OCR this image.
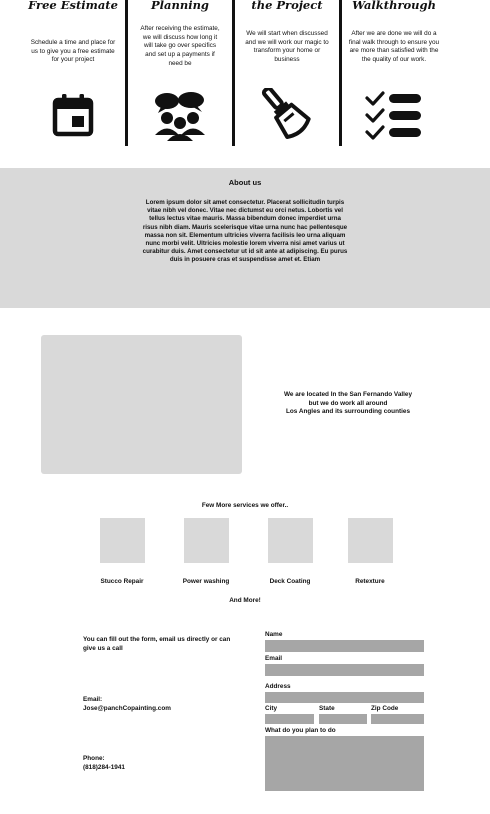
Free Estimate
Schedule a time and place for us to give you a free estimate for your project
Planning
After receiving the estimate, we will discuss how long it will take go over specifics and set up a payments if need be
the Project
We will start when discussed and we will work our magic to transform your home or business
Walkthrough
After we are done we will do a final walk through to ensure you are more than satisfied with the the quality of our work.
About us
Lorem ipsum dolor sit amet consectetur. Placerat sollicitudin turpis vitae nibh vel donec. Vitae nec dictumst eu orci netus. Lobortis vel tellus lectus vitae mauris. Massa bibendum donec imperdiet urna risus nibh diam. Mauris scelerisque vitae urna nunc hac pellentesque massa non sit. Elementum ultricies viverra facilisis leo urna aliquam nunc morbi velit. Ultricies molestie lorem viverra nisi amet varius ut curabitur duis. Amet consectetur ut id sit ante at adipiscing. Eu purus duis in posuere cras et suspendisse amet et. Etiam
We are located In the San Fernando Valley
but we do work all around
Los Angles and its surrounding counties
Few More services we offer..
Stucco Repair	Power washing	Deck Coating	Retexture
And More!
You can fill out the form, email us directly or can give us a call
Email:
Jose@panchCopainting.com
Phone:
(818)284-1941
Name
Email
Address
City	State	Zip Code
What do you plan to do
